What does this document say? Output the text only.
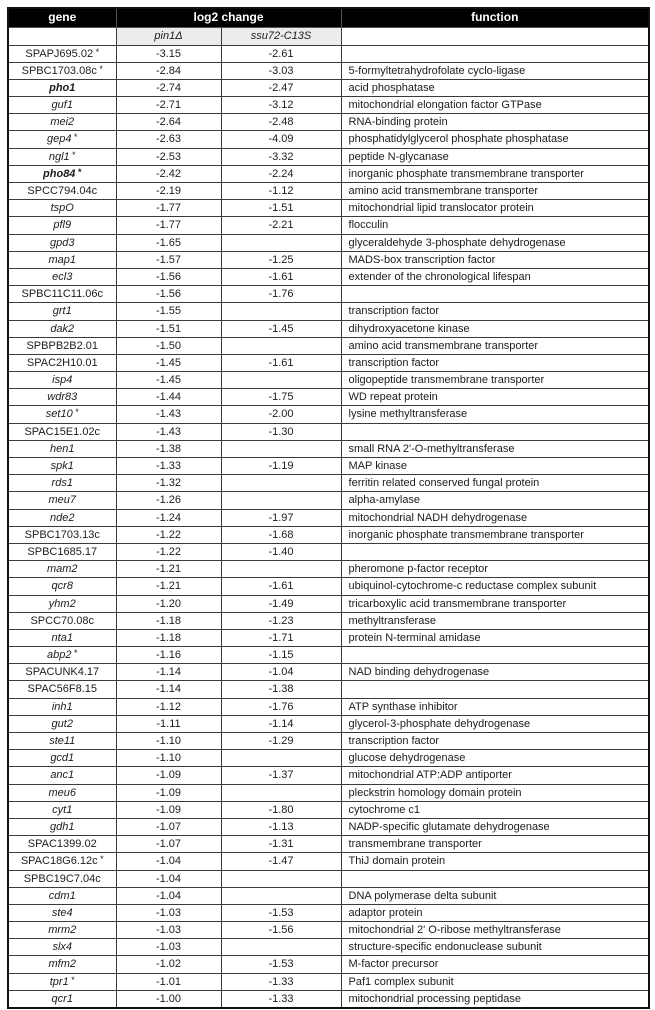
gene	log2 change		function
	pin1Δ	ssu72-C13S	
SPAPJ695.02 *	-3.15	-2.61	
SPBC1703.08c *	-2.84	-3.03	5-formyltetrahydrofolate cyclo-ligase
pho1	-2.74	-2.47	acid phosphatase
guf1	-2.71	-3.12	mitochondrial elongation factor GTPase
mei2	-2.64	-2.48	RNA-binding protein
gep4 *	-2.63	-4.09	phosphatidylglycerol phosphate phosphatase
ngl1 *	-2.53	-3.32	peptide N-glycanase
pho84 *	-2.42	-2.24	inorganic phosphate transmembrane transporter
SPCC794.04c	-2.19	-1.12	amino acid transmembrane transporter
tspO	-1.77	-1.51	mitochondrial lipid translocator protein
pfl9	-1.77	-2.21	flocculin
gpd3	-1.65		glyceraldehyde 3-phosphate dehydrogenase
map1	-1.57	-1.25	MADS-box transcription factor
ecl3	-1.56	-1.61	extender of the chronological lifespan
SPBC11C11.06c	-1.56	-1.76	
grt1	-1.55		transcription factor
dak2	-1.51	-1.45	dihydroxyacetone kinase
SPBPB2B2.01	-1.50		amino acid transmembrane transporter
SPAC2H10.01	-1.45	-1.61	transcription factor
isp4	-1.45		oligopeptide transmembrane transporter
wdr83	-1.44	-1.75	WD repeat protein
set10 *	-1.43	-2.00	lysine methyltransferase
SPAC15E1.02c	-1.43	-1.30	
hen1	-1.38		small RNA 2'-O-methyltransferase
spk1	-1.33	-1.19	MAP kinase
rds1	-1.32		ferritin related conserved fungal protein
meu7	-1.26		alpha-amylase
nde2	-1.24	-1.97	mitochondrial NADH dehydrogenase
SPBC1703.13c	-1.22	-1.68	inorganic phosphate transmembrane transporter
SPBC1685.17	-1.22	-1.40	
mam2	-1.21		pheromone p-factor receptor
qcr8	-1.21	-1.61	ubiquinol-cytochrome-c reductase complex subunit
yhm2	-1.20	-1.49	tricarboxylic acid transmembrane transporter
SPCC70.08c	-1.18	-1.23	methyltransferase
nta1	-1.18	-1.71	protein N-terminal amidase
abp2 *	-1.16	-1.15	
SPACUNK4.17	-1.14	-1.04	NAD binding dehydrogenase
SPAC56F8.15	-1.14	-1.38	
inh1	-1.12	-1.76	ATP synthase inhibitor
gut2	-1.11	-1.14	glycerol-3-phosphate dehydrogenase
ste11	-1.10	-1.29	transcription factor
gcd1	-1.10		glucose dehydrogenase
anc1	-1.09	-1.37	mitochondrial ATP:ADP antiporter
meu6	-1.09		pleckstrin homology domain protein
cyt1	-1.09	-1.80	cytochrome c1
gdh1	-1.07	-1.13	NADP-specific glutamate dehydrogenase
SPAC1399.02	-1.07	-1.31	transmembrane transporter
SPAC18G6.12c *	-1.04	-1.47	ThiJ domain protein
SPBC19C7.04c	-1.04		
cdm1	-1.04		DNA polymerase delta subunit
ste4	-1.03	-1.53	adaptor protein
mrm2	-1.03	-1.56	mitochondrial 2' O-ribose methyltransferase
slx4	-1.03		structure-specific endonuclease subunit
mfm2	-1.02	-1.53	M-factor precursor
tpr1 *	-1.01	-1.33	Paf1 complex subunit
qcr1	-1.00	-1.33	mitochondrial processing peptidase
